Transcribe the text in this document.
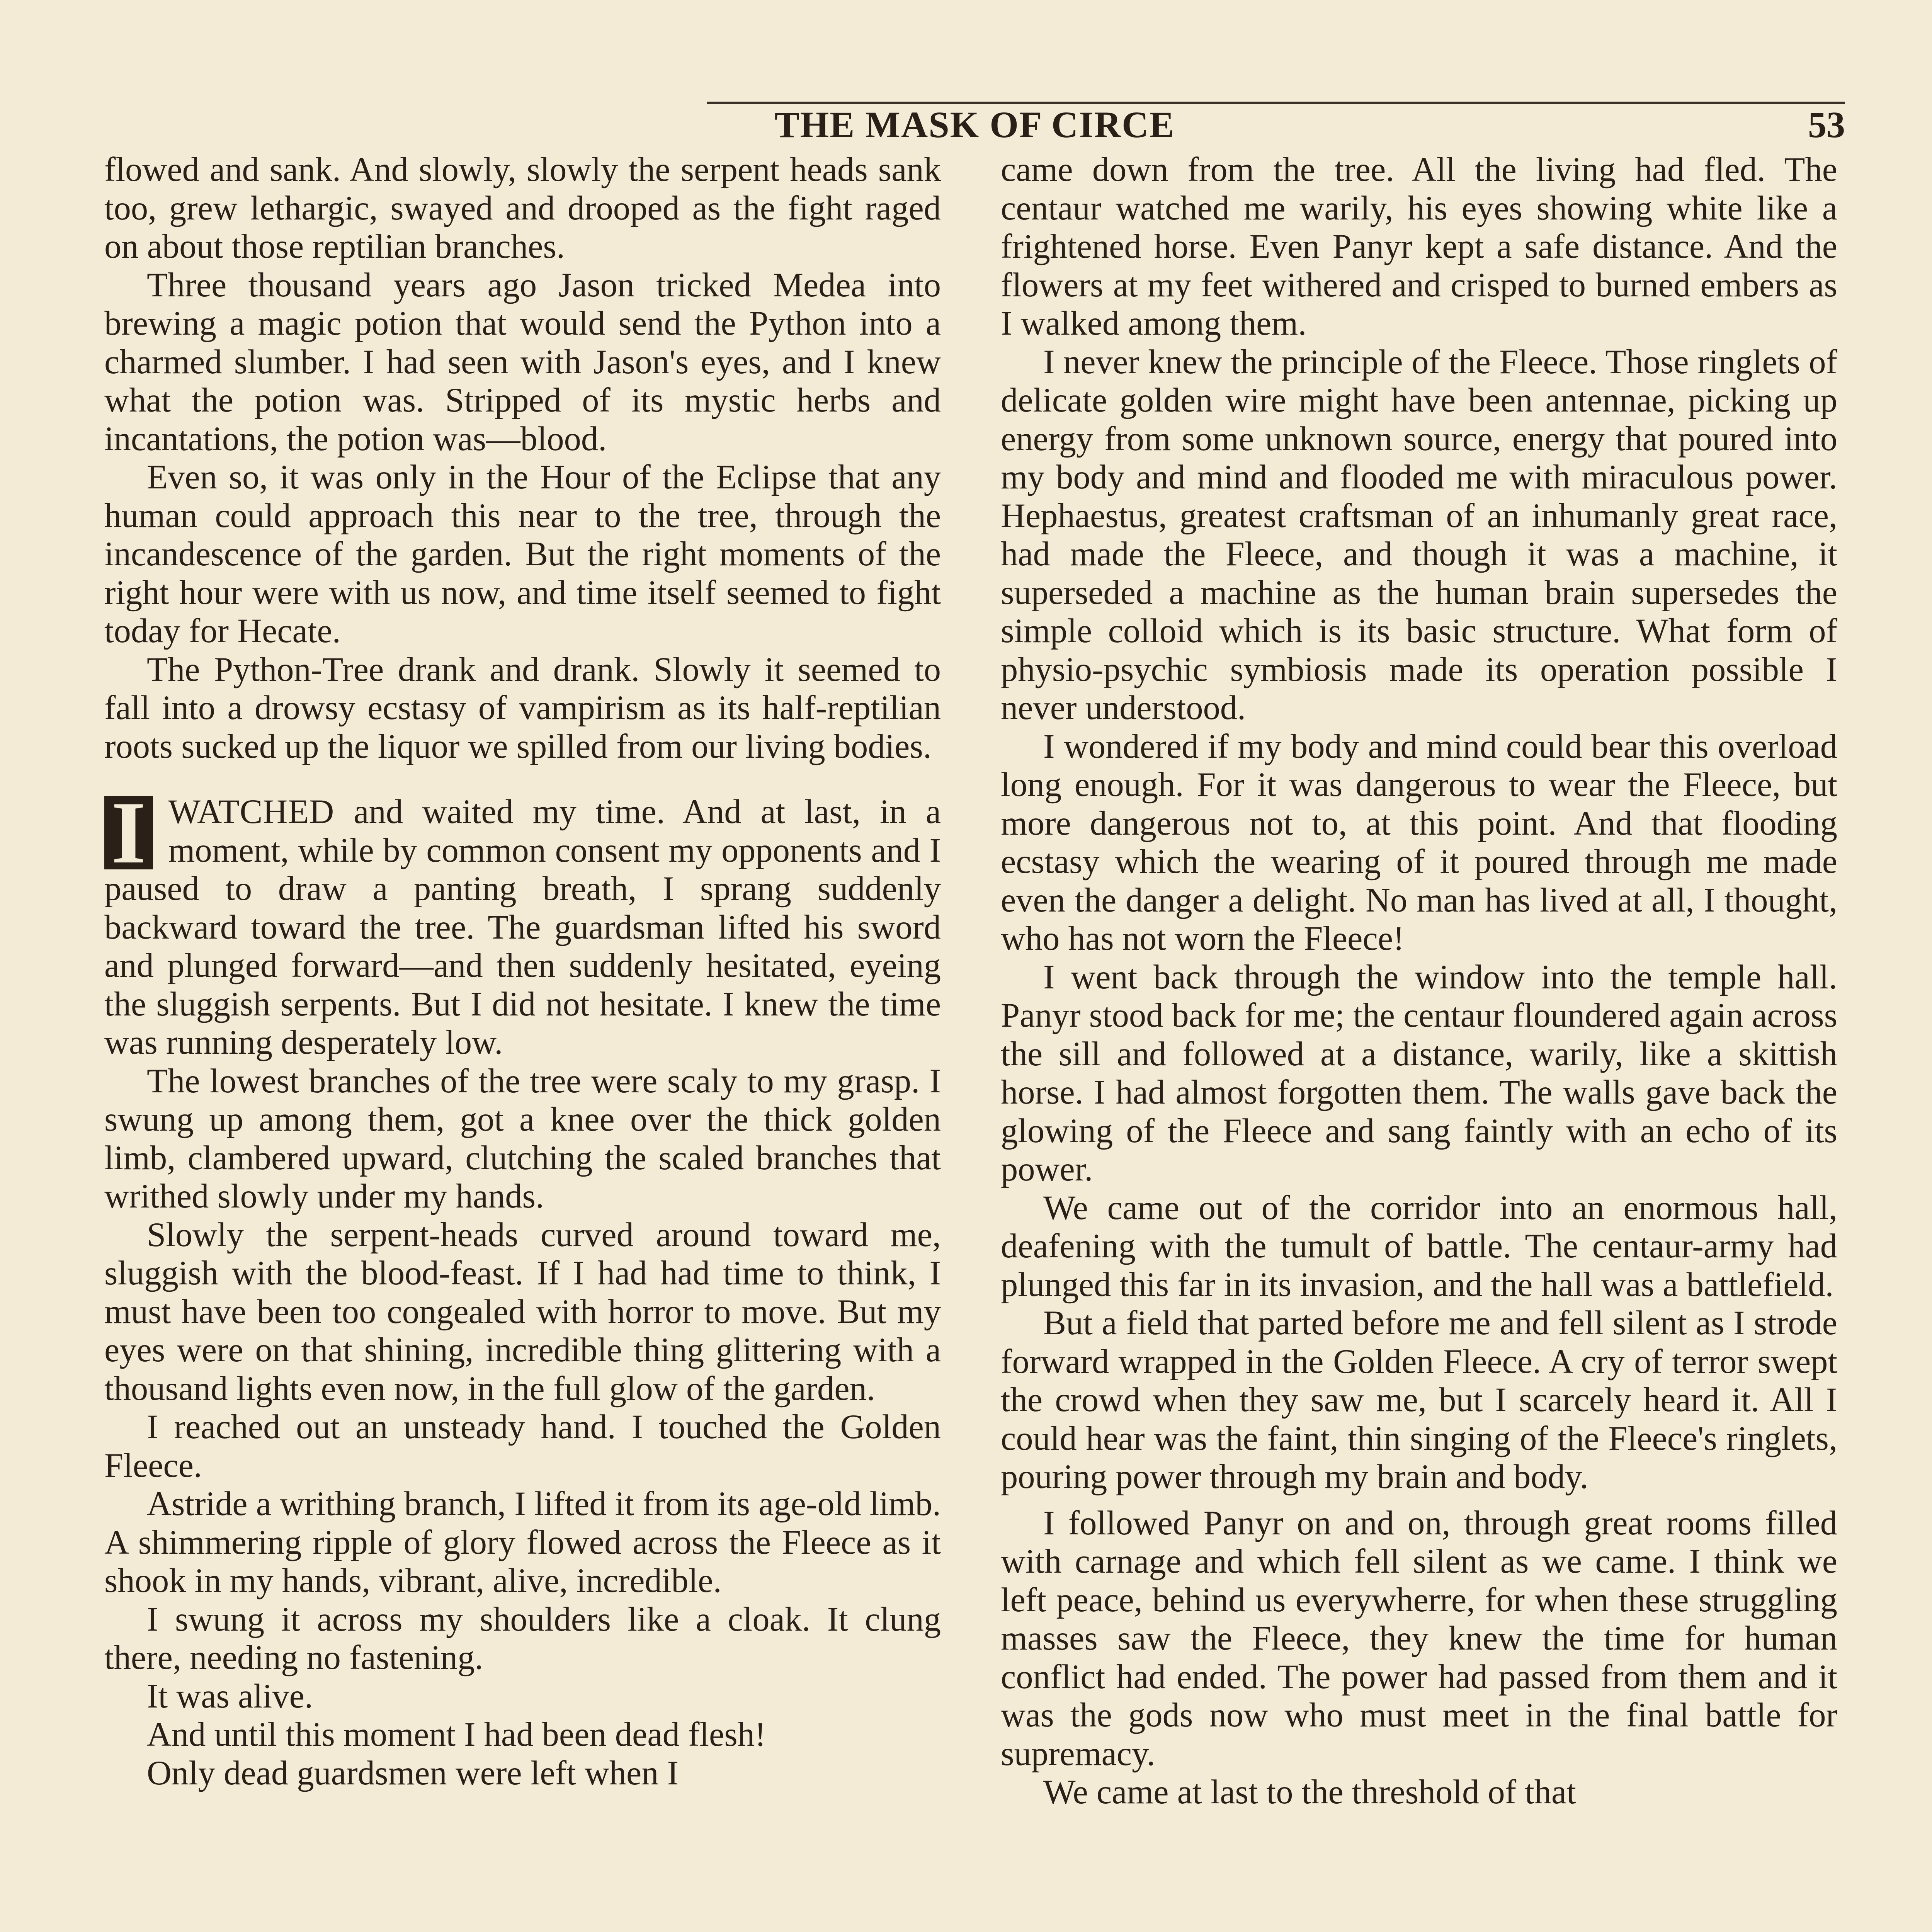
THE MASK OF CIRCE	53

flowed and sank. And slowly, slowly the serpent heads sank too, grew lethargic, swayed and drooped as the fight raged on about those reptilian branches.

Three thousand years ago Jason tricked Medea into brewing a magic potion that would send the Python into a charmed slumber. I had seen with Jason's eyes, and I knew what the potion was. Stripped of its mystic herbs and incantations, the potion was—blood.

Even so, it was only in the Hour of the Eclipse that any human could approach this near to the tree, through the incandescence of the garden. But the right moments of the right hour were with us now, and time itself seemed to fight today for Hecate.

The Python-Tree drank and drank. Slowly it seemed to fall into a drowsy ecstasy of vampirism as its half-reptilian roots sucked up the liquor we spilled from our living bodies.

I WATCHED and waited my time. And at last, in a moment, while by common consent my opponents and I paused to draw a panting breath, I sprang suddenly backward toward the tree. The guardsman lifted his sword and plunged forward—and then suddenly hesitated, eyeing the sluggish serpents. But I did not hesitate. I knew the time was running desperately low.

The lowest branches of the tree were scaly to my grasp. I swung up among them, got a knee over the thick golden limb, clambered upward, clutching the scaled branches that writhed slowly under my hands.

Slowly the serpent-heads curved around toward me, sluggish with the blood-feast. If I had had time to think, I must have been too congealed with horror to move. But my eyes were on that shining, incredible thing glittering with a thousand lights even now, in the full glow of the garden.

I reached out an unsteady hand. I touched the Golden Fleece.

Astride a writhing branch, I lifted it from its age-old limb. A shimmering ripple of glory flowed across the Fleece as it shook in my hands, vibrant, alive, incredible.

I swung it across my shoulders like a cloak. It clung there, needing no fastening.

It was alive.

And until this moment I had been dead flesh!

Only dead guardsmen were left when I

came down from the tree. All the living had fled. The centaur watched me warily, his eyes showing white like a frightened horse. Even Panyr kept a safe distance. And the flowers at my feet withered and crisped to burned embers as I walked among them.

I never knew the principle of the Fleece. Those ringlets of delicate golden wire might have been antennae, picking up energy from some unknown source, energy that poured into my body and mind and flooded me with miraculous power. Hephaestus, greatest craftsman of an inhumanly great race, had made the Fleece, and though it was a machine, it superseded a machine as the human brain supersedes the simple colloid which is its basic structure. What form of physio-psychic symbiosis made its operation possible I never understood.

I wondered if my body and mind could bear this overload long enough. For it was dangerous to wear the Fleece, but more dangerous not to, at this point. And that flooding ecstasy which the wearing of it poured through me made even the danger a delight. No man has lived at all, I thought, who has not worn the Fleece!

I went back through the window into the temple hall. Panyr stood back for me; the centaur floundered again across the sill and followed at a distance, warily, like a skittish horse. I had almost forgotten them. The walls gave back the glowing of the Fleece and sang faintly with an echo of its power.

We came out of the corridor into an enormous hall, deafening with the tumult of battle. The centaur-army had plunged this far in its invasion, and the hall was a battlefield.

But a field that parted before me and fell silent as I strode forward wrapped in the Golden Fleece. A cry of terror swept the crowd when they saw me, but I scarcely heard it. All I could hear was the faint, thin singing of the Fleece's ringlets, pouring power through my brain and body.

I followed Panyr on and on, through great rooms filled with carnage and which fell silent as we came. I think we left peace, behind us everywherre, for when these struggling masses saw the Fleece, they knew the time for human conflict had ended. The power had passed from them and it was the gods now who must meet in the final battle for supremacy.

We came at last to the threshold of that
